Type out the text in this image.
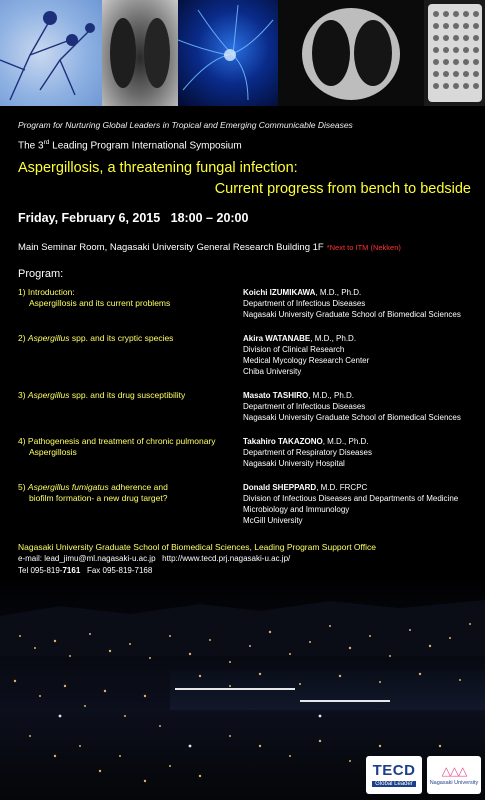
Program for Nurturing Global Leaders in Tropical and Emerging Communicable Diseases
The 3rd Leading Program International Symposium
Aspergillosis, a threatening fungal infection:
Current progress from bench to bedside
Friday, February 6, 2015   18:00 – 20:00
Main Seminar Room, Nagasaki University General Research Building 1F *Next to ITM (Nekken)
Program:
1) Introduction:
Aspergillosis and its current problems
Koichi IZUMIKAWA, M.D., Ph.D.
Department of Infectious Diseases
Nagasaki University Graduate School of Biomedical Sciences
2) Aspergillus spp. and its cryptic species	Akira WATANABE, M.D., Ph.D.
Division of Clinical Research
Medical Mycology Research Center
Chiba University
3) Aspergillus spp. and its drug susceptibility	Masato TASHIRO, M.D., Ph.D.
Department of Infectious Diseases
Nagasaki University Graduate School of Biomedical Sciences
4) Pathogenesis and treatment of chronic pulmonary
Aspergillosis
Takahiro TAKAZONO, M.D., Ph.D.
Department of Respiratory Diseases
Nagasaki University Hospital
5) Aspergillus fumigatus adherence and
biofilm formation- a new drug target?
Donald SHEPPARD, M.D. FRCPC
Division of Infectious Diseases and Departments of Medicine
Microbiology and Immunology
McGill University
Nagasaki University Graduate School of Biomedical Sciences, Leading Program Support Office
e-mail: lead_jimu@ml.nagasaki-u.ac.jp   http://www.tecd.prj.nagasaki-u.ac.jp/
Tel 095-819-7161   Fax 095-819-7168
TECD
Global Leader
△△△
Nagasaki University
